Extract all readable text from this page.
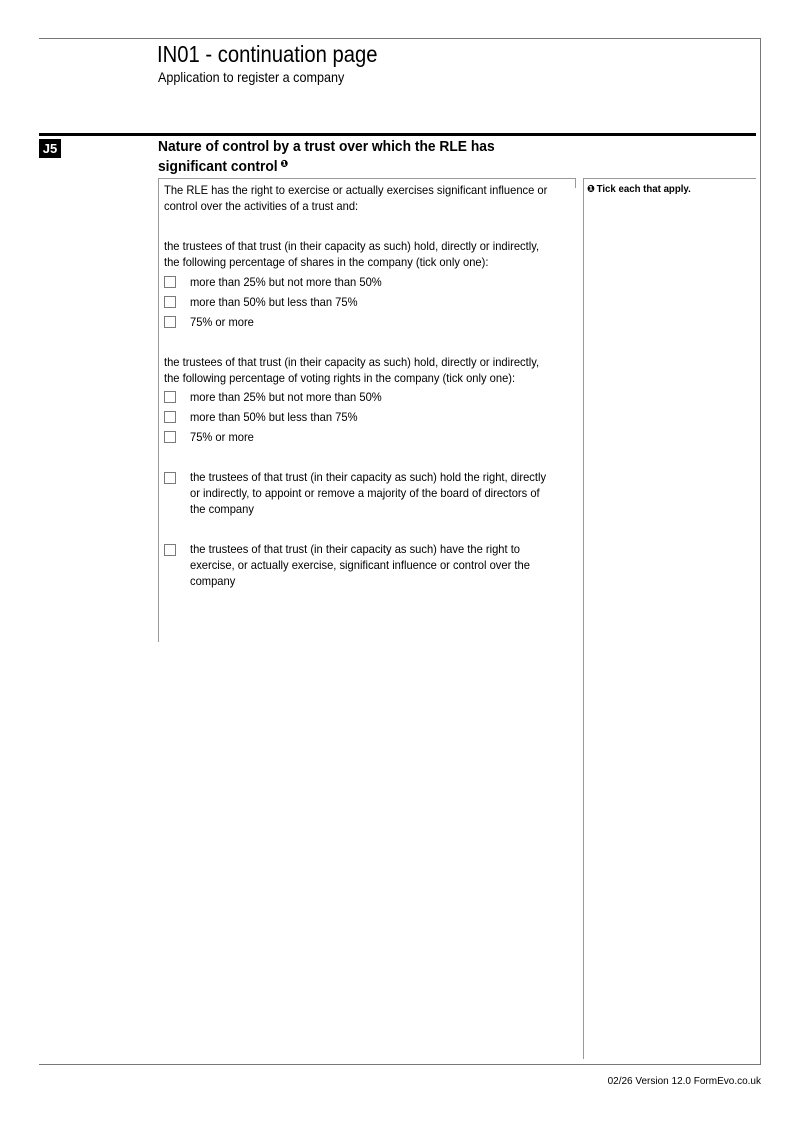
IN01 - continuation page
Application to register a company
J5	Nature of control by a trust over which the RLE has
significant control $^❶$
The RLE has the right to exercise or actually exercises significant influence or
control over the activities of a trust and:
the trustees of that trust (in their capacity as such) hold, directly or indirectly,
the following percentage of shares in the company (tick only one):
more than 25% but not more than 50%
more than 50% but less than 75%
75% or more
the trustees of that trust (in their capacity as such) hold, directly or indirectly,
the following percentage of voting rights in the company (tick only one):
more than 25% but not more than 50%
more than 50% but less than 75%
75% or more
the trustees of that trust (in their capacity as such) hold the right, directly
or indirectly, to appoint or remove a majority of the board of directors of
the company
the trustees of that trust (in their capacity as such) have the right to
exercise, or actually exercise, significant influence or control over the
company
❶ Tick each that apply.
02/26 Version 12.0 FormEvo.co.uk
